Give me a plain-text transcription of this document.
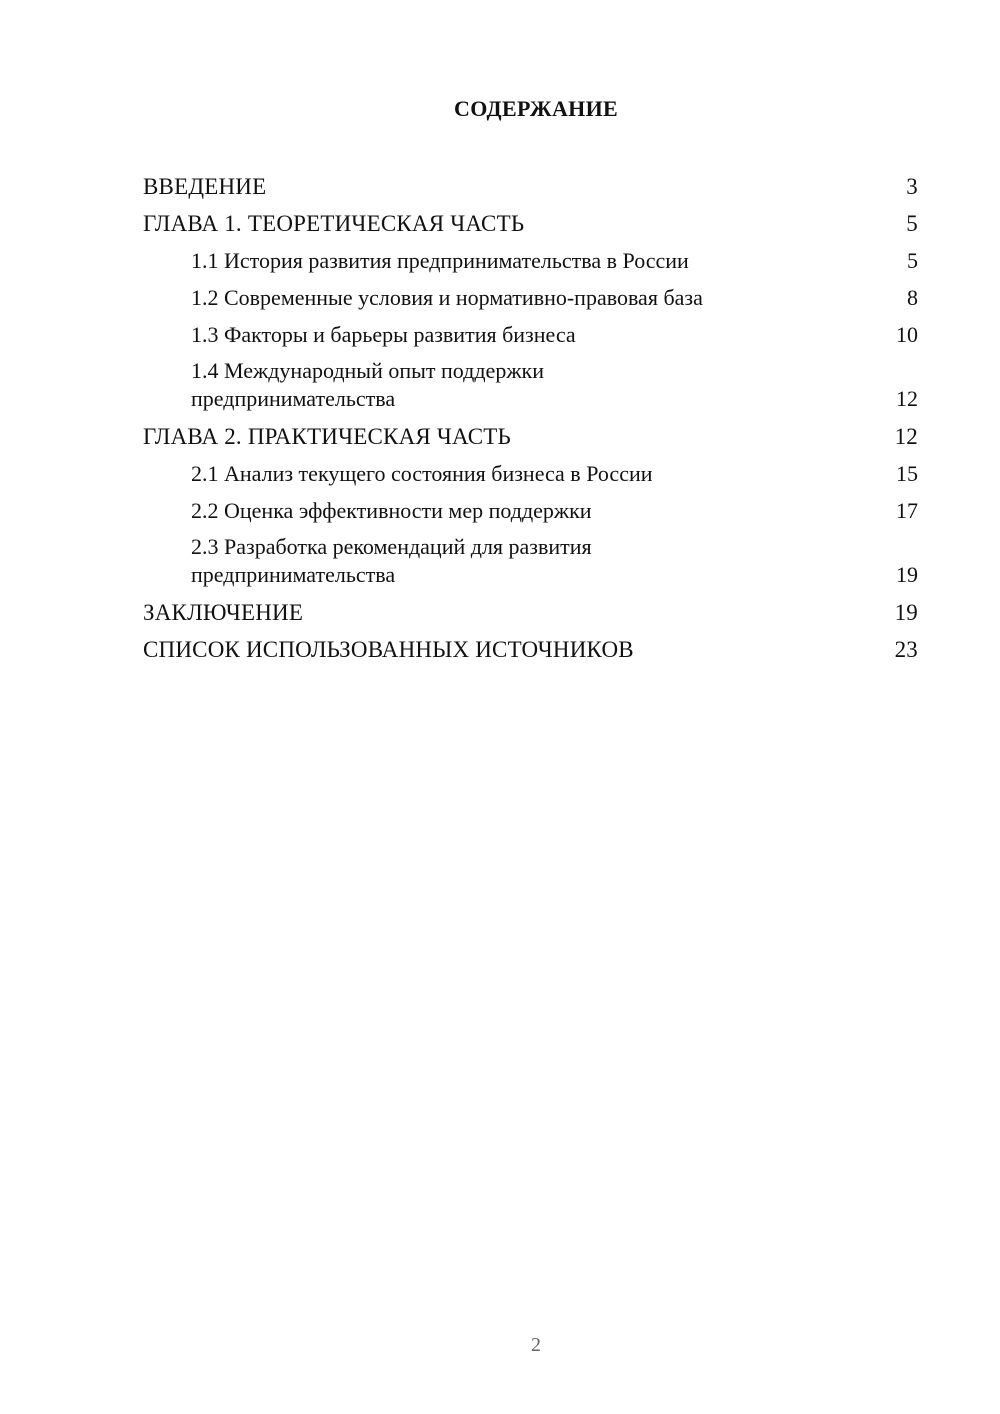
СОДЕРЖАНИЕ
ВВЕДЕНИЕ	3
ГЛАВА 1. ТЕОРЕТИЧЕСКАЯ ЧАСТЬ	5
1.1 История развития предпринимательства в России	5
1.2 Современные условия и нормативно-правовая база	8
1.3 Факторы и барьеры развития бизнеса	10
1.4 Международный опыт поддержки предпринимательства	12
ГЛАВА 2. ПРАКТИЧЕСКАЯ ЧАСТЬ	12
2.1 Анализ текущего состояния бизнеса в России	15
2.2 Оценка эффективности мер поддержки	17
2.3 Разработка рекомендаций для развития предпринимательства	19
ЗАКЛЮЧЕНИЕ	19
СПИСОК ИСПОЛЬЗОВАННЫХ ИСТОЧНИКОВ	23
2
